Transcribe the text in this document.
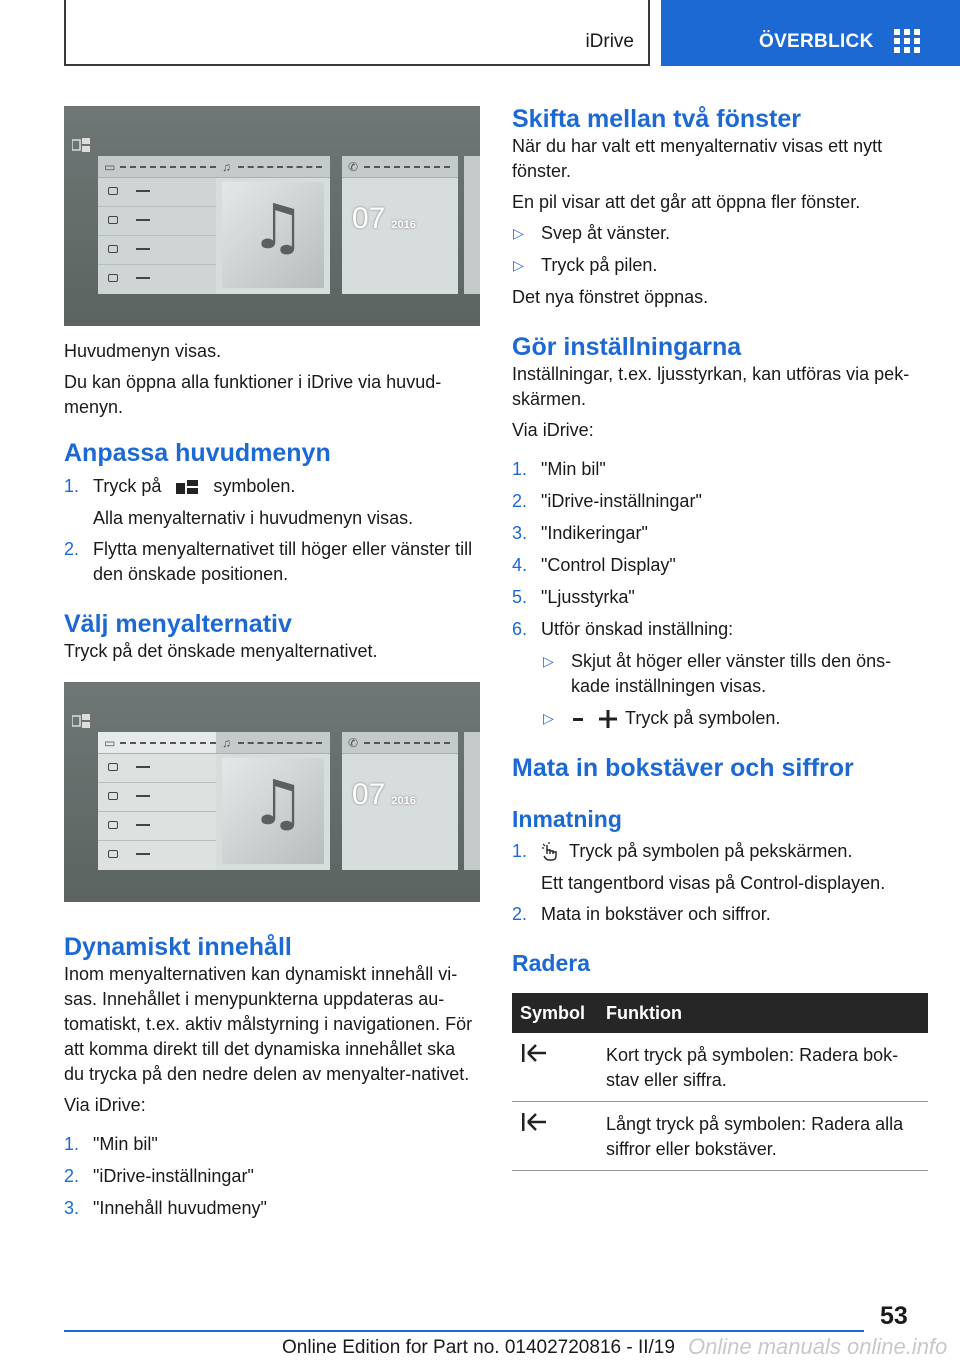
iDrive	ÖVERBLICK
▭	♫
♫
✆
07 2016

Huvudmenyn visas.

Du kan öppna alla funktioner i iDrive via huvud-menyn.

Anpassa huvudmenyn
1. Tryck på	symbolen.
Alla menyalternativ i huvudmenyn visas.
2. Flytta menyalternativet till höger eller vänster till den önskade positionen.
Välj menyalternativ

Tryck på det önskade menyalternativet.

▭	♫
♫
✆
07 2016
Dynamiskt innehåll

Inom menyalternativen kan dynamiskt innehåll vi-sas. Innehållet i menypunkterna uppdateras au-tomatiskt, t.ex. aktiv målstyrning i navigationen. För att komma direkt till det dynamiska innehållet ska du trycka på den nedre delen av menyalter-nativet.

Via iDrive:

1. "Min bil"
2. "iDrive-inställningar"
3. "Innehåll huvudmeny"
Skifta mellan två fönster

När du har valt ett menyalternativ visas ett nytt fönster.

En pil visar att det går att öppna fler fönster.

▷ Svep åt vänster.
▷ Tryck på pilen.

Det nya fönstret öppnas.

Gör inställningarna

Inställningar, t.ex. ljusstyrkan, kan utföras via pek-skärmen.

Via iDrive:

1. "Min bil"
2. "iDrive-inställningar"
3. "Indikeringar"
4. "Control Display"
5. "Ljusstyrka"
6. Utför önskad inställning:
▷ Skjut åt höger eller vänster tills den öns-kade inställningen visas.
▷	Tryck på symbolen.
Mata in bokstäver och siffror
Inmatning
1. Tryck på symbolen på pekskärmen.
Ett tangentbord visas på Control-displayen.
2. Mata in bokstäver och siffror.
Radera
Symbol	Funktion
	Kort tryck på symbolen: Radera bok-stav eller siffra.
	Långt tryck på symbolen: Radera alla siffror eller bokstäver.
53
Online Edition for Part no. 01402720816 - II/19 Online manuals online.info
